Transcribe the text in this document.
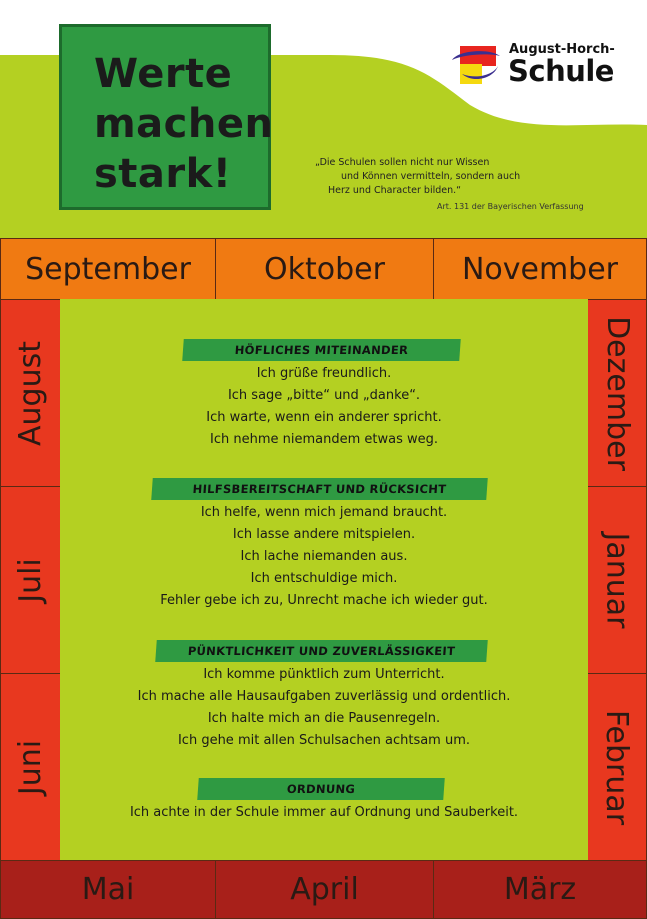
Werte
machen
stark!
August-Horch-
Schule
„Die Schulen sollen nicht nur Wissen
und Können vermitteln, sondern auch
Herz und Character bilden.“
Art. 131 der Bayerischen Verfassung
September Oktober	November
August
Juli
Juni
Dezember
Januar
Februar
Mai	April	März
HÖFLICHES MITEINANDER
Ich grüße freundlich.
Ich sage „bitte“ und „danke“.
Ich warte, wenn ein anderer spricht.
Ich nehme niemandem etwas weg.
HILFSBEREITSCHAFT UND RÜCKSICHT
Ich helfe, wenn mich jemand braucht.
Ich lasse andere mitspielen.
Ich lache niemanden aus.
Ich entschuldige mich.
Fehler gebe ich zu, Unrecht mache ich wieder gut.
PÜNKTLICHKEIT UND ZUVERLÄSSIGKEIT
Ich komme pünktlich zum Unterricht.
Ich mache alle Hausaufgaben zuverlässig und ordentlich.
Ich halte mich an die Pausenregeln.
Ich gehe mit allen Schulsachen achtsam um.
ORDNUNG
Ich achte in der Schule immer auf Ordnung und Sauberkeit.
